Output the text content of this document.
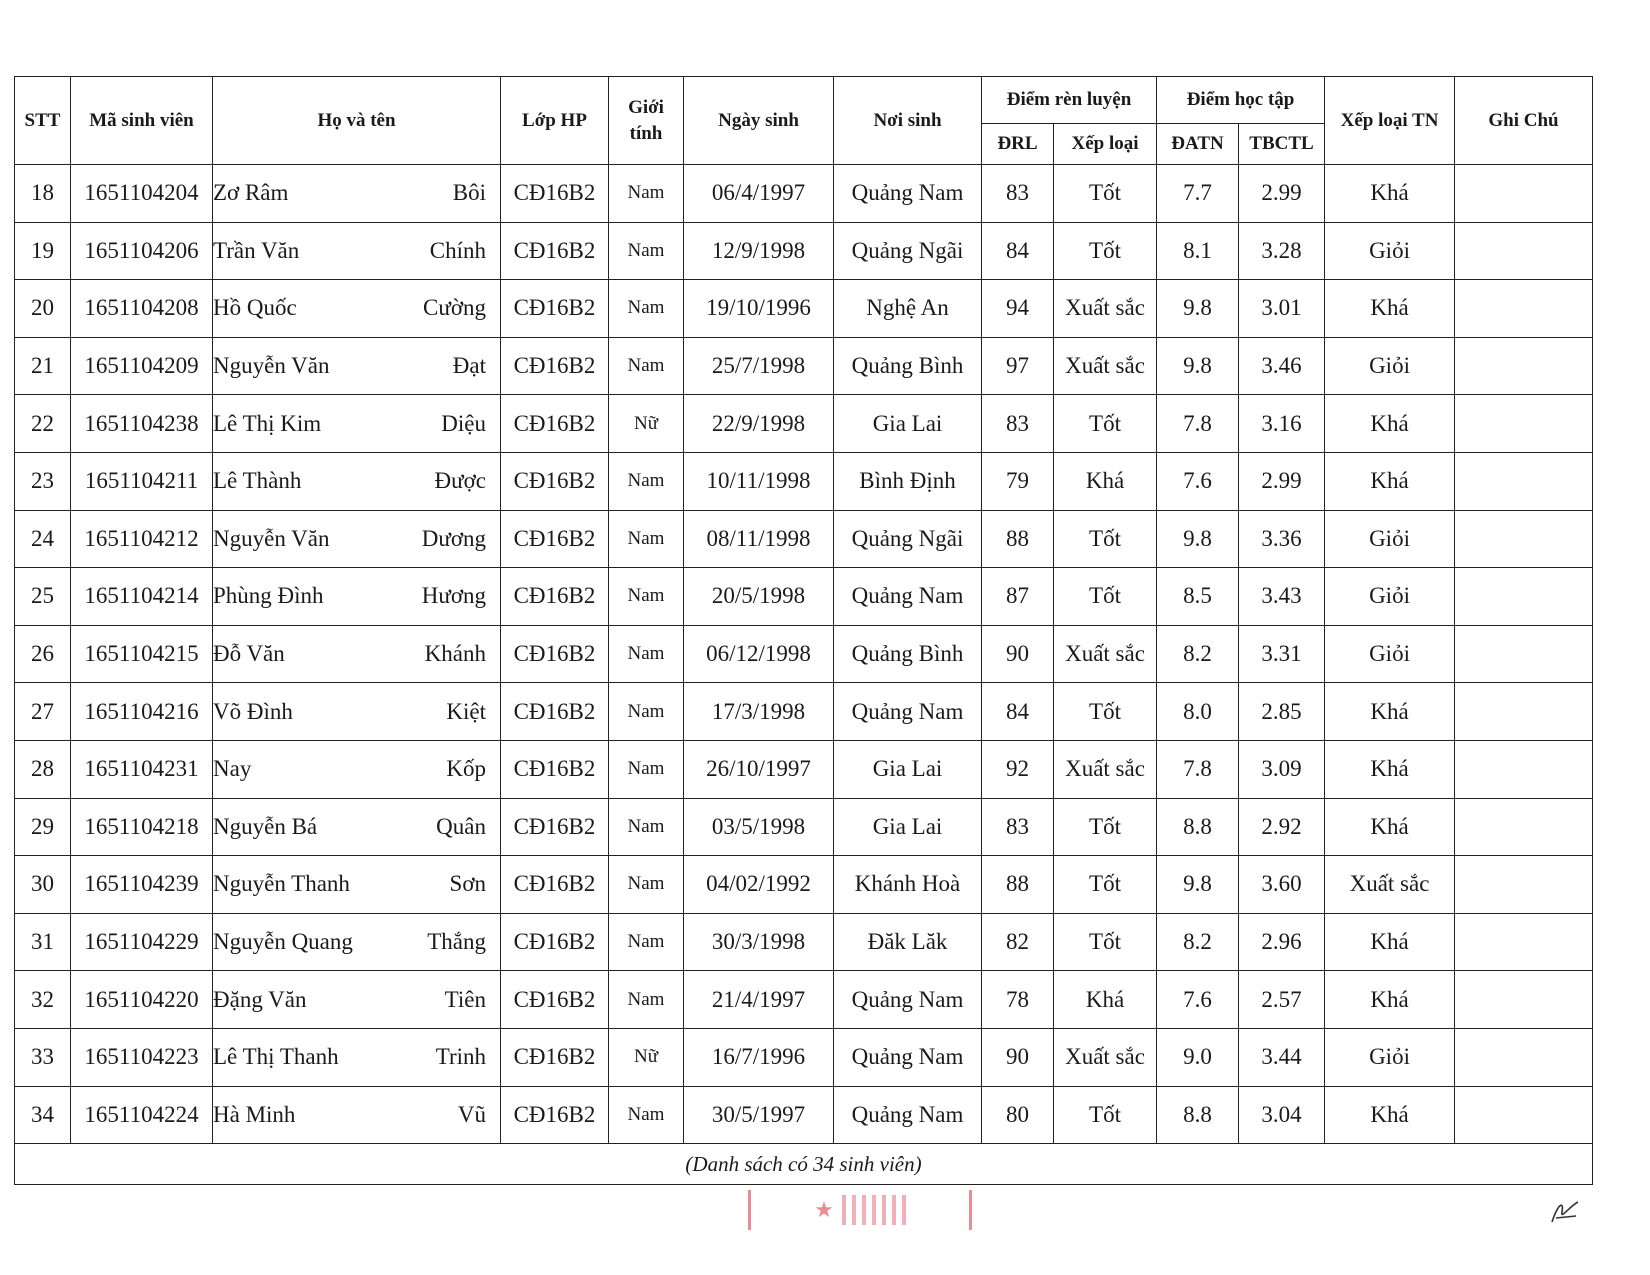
STT	Mã sinh viên	Họ và tên	Lớp HP	Giới tính	Ngày sinh	Nơi sinh	Điểm rèn luyện		Điểm học tập		Xếp loại TN	Ghi Chú
							ĐRL	Xếp loại	ĐATN	TBCTL		
18	1651104204	Zơ Râm Bôi	CĐ16B2	Nam	06/4/1997	Quảng Nam	83	Tốt	7.7	2.99	Khá	
19	1651104206	Trần Văn Chính	CĐ16B2	Nam	12/9/1998	Quảng Ngãi	84	Tốt	8.1	3.28	Giỏi	
20	1651104208	Hồ Quốc Cường	CĐ16B2	Nam	19/10/1996	Nghệ An	94	Xuất sắc	9.8	3.01	Khá	
21	1651104209	Nguyễn Văn Đạt	CĐ16B2	Nam	25/7/1998	Quảng Bình	97	Xuất sắc	9.8	3.46	Giỏi	
22	1651104238	Lê Thị Kim Diệu	CĐ16B2	Nữ	22/9/1998	Gia Lai	83	Tốt	7.8	3.16	Khá	
23	1651104211	Lê Thành Được	CĐ16B2	Nam	10/11/1998	Bình Định	79	Khá	7.6	2.99	Khá	
24	1651104212	Nguyễn Văn Dương	CĐ16B2	Nam	08/11/1998	Quảng Ngãi	88	Tốt	9.8	3.36	Giỏi	
25	1651104214	Phùng Đình Hương	CĐ16B2	Nam	20/5/1998	Quảng Nam	87	Tốt	8.5	3.43	Giỏi	
26	1651104215	Đỗ Văn Khánh	CĐ16B2	Nam	06/12/1998	Quảng Bình	90	Xuất sắc	8.2	3.31	Giỏi	
27	1651104216	Võ Đình Kiệt	CĐ16B2	Nam	17/3/1998	Quảng Nam	84	Tốt	8.0	2.85	Khá	
28	1651104231	Nay Kốp	CĐ16B2	Nam	26/10/1997	Gia Lai	92	Xuất sắc	7.8	3.09	Khá	
29	1651104218	Nguyễn Bá Quân	CĐ16B2	Nam	03/5/1998	Gia Lai	83	Tốt	8.8	2.92	Khá	
30	1651104239	Nguyễn Thanh Sơn	CĐ16B2	Nam	04/02/1992	Khánh Hoà	88	Tốt	9.8	3.60	Xuất sắc	
31	1651104229	Nguyễn Quang Thắng	CĐ16B2	Nam	30/3/1998	Đăk Lăk	82	Tốt	8.2	2.96	Khá	
32	1651104220	Đặng Văn Tiên	CĐ16B2	Nam	21/4/1997	Quảng Nam	78	Khá	7.6	2.57	Khá	
33	1651104223	Lê Thị Thanh Trinh	CĐ16B2	Nữ	16/7/1996	Quảng Nam	90	Xuất sắc	9.0	3.44	Giỏi	
34	1651104224	Hà Minh Vũ	CĐ16B2	Nam	30/5/1997	Quảng Nam	80	Tốt	8.8	3.04	Khá	
(Danh sách có 34 sinh viên)												
★
